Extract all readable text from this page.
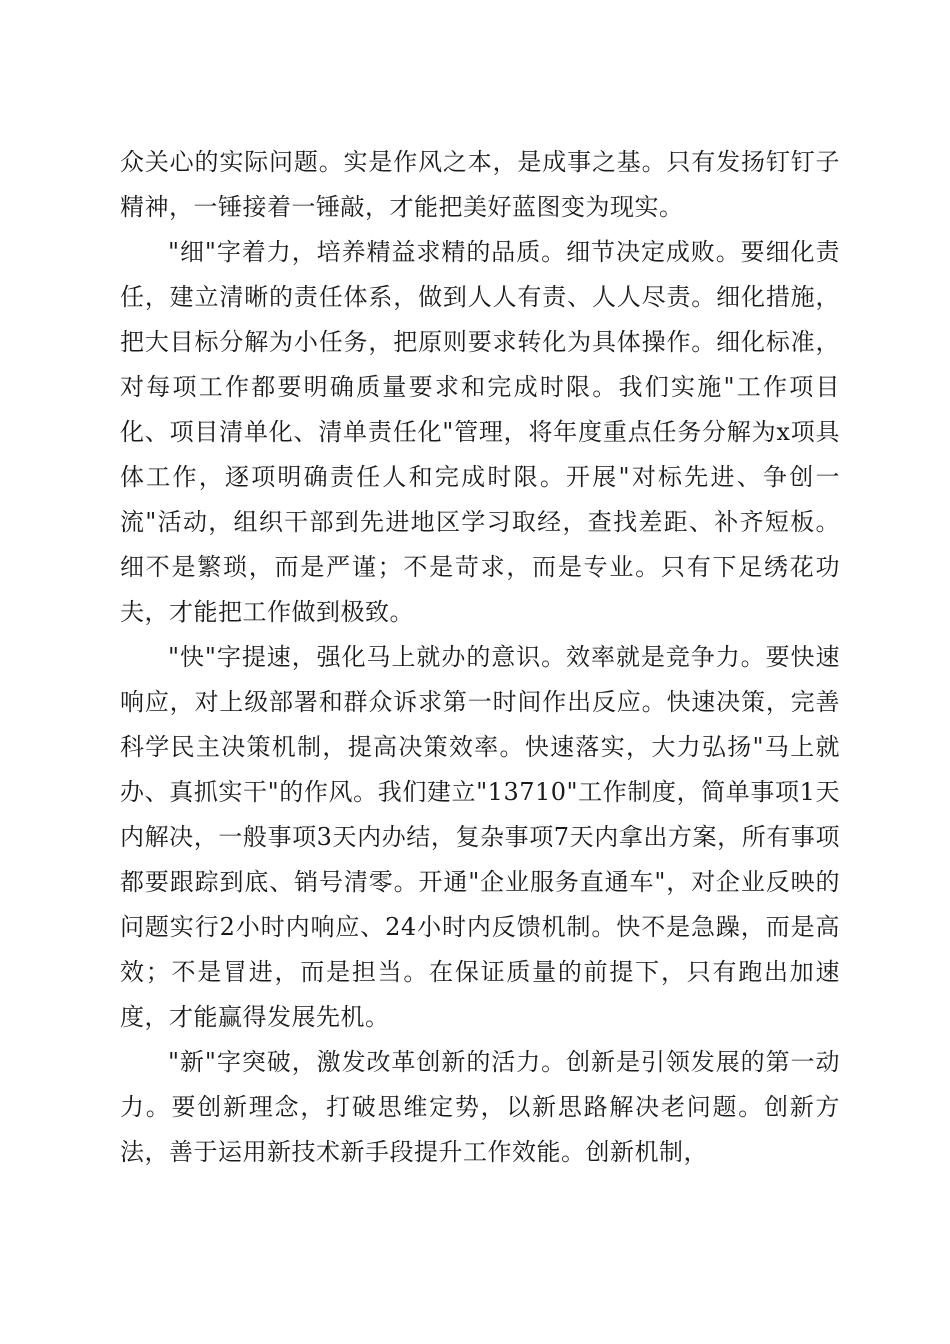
众关心的实际问题。实是作风之本，是成事之基。只有发扬钉钉子精神，一锤接着一锤敲，才能把美好蓝图变为现实。

"细"字着力，培养精益求精的品质。细节决定成败。要细化责任，建立清晰的责任体系，做到人人有责、人人尽责。细化措施，把大目标分解为小任务，把原则要求转化为具体操作。细化标准，对每项工作都要明确质量要求和完成时限。我们实施"工作项目化、项目清单化、清单责任化"管理，将年度重点任务分解为x项具体工作，逐项明确责任人和完成时限。开展"对标先进、争创一流"活动，组织干部到先进地区学习取经，查找差距、补齐短板。细不是繁琐，而是严谨；不是苛求，而是专业。只有下足绣花功夫，才能把工作做到极致。

"快"字提速，强化马上就办的意识。效率就是竞争力。要快速响应，对上级部署和群众诉求第一时间作出反应。快速决策，完善科学民主决策机制，提高决策效率。快速落实，大力弘扬"马上就办、真抓实干"的作风。我们建立"13710"工作制度，简单事项1天内解决，一般事项3天内办结，复杂事项7天内拿出方案，所有事项都要跟踪到底、销号清零。开通"企业服务直通车"，对企业反映的问题实行2小时内响应、24小时内反馈机制。快不是急躁，而是高效；不是冒进，而是担当。在保证质量的前提下，只有跑出加速度，才能赢得发展先机。

"新"字突破，激发改革创新的活力。创新是引领发展的第一动力。要创新理念，打破思维定势，以新思路解决老问题。创新方法，善于运用新技术新手段提升工作效能。创新机制，
